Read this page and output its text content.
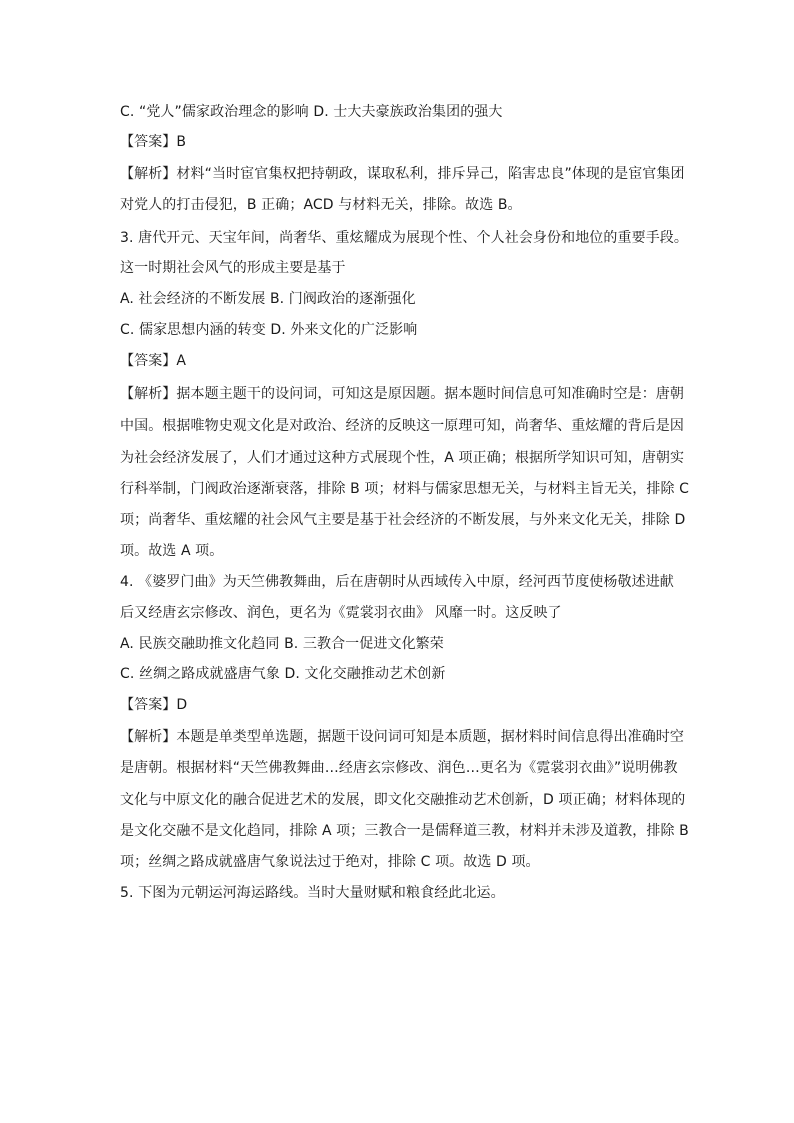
C. “党人”儒家政治理念的影响 D. 士大夫豪族政治集团的强大
【答案】B
【解析】材料“当时宦官集权把持朝政，谋取私利，排斥异己，陷害忠良”体现的是宦官集团
对党人的打击侵犯，B 正确；ACD 与材料无关，排除。故选 B。
3. 唐代开元、天宝年间，尚奢华、重炫耀成为展现个性、个人社会身份和地位的重要手段。
这一时期社会风气的形成主要是基于
A. 社会经济的不断发展 B. 门阀政治的逐渐强化
C. 儒家思想内涵的转变 D. 外来文化的广泛影响
【答案】A
【解析】据本题主题干的设问词，可知这是原因题。据本题时间信息可知准确时空是：唐朝
中国。根据唯物史观文化是对政治、经济的反映这一原理可知，尚奢华、重炫耀的背后是因
为社会经济发展了，人们才通过这种方式展现个性，A 项正确；根据所学知识可知，唐朝实
行科举制，门阀政治逐渐衰落，排除 B 项；材料与儒家思想无关，与材料主旨无关，排除 C
项；尚奢华、重炫耀的社会风气主要是基于社会经济的不断发展，与外来文化无关，排除 D
项。故选 A 项。
4. 《婆罗门曲》为天竺佛教舞曲，后在唐朝时从西域传入中原，经河西节度使杨敬述进献
后又经唐玄宗修改、润色，更名为《霓裳羽衣曲》 风靡一时。这反映了
A. 民族交融助推文化趋同 B. 三教合一促进文化繁荣
C. 丝绸之路成就盛唐气象 D. 文化交融推动艺术创新
【答案】D
【解析】本题是单类型单选题，据题干设问词可知是本质题，据材料时间信息得出准确时空
是唐朝。根据材料“天竺佛教舞曲…经唐玄宗修改、润色…更名为《霓裳羽衣曲》”说明佛教
文化与中原文化的融合促进艺术的发展，即文化交融推动艺术创新，D 项正确；材料体现的
是文化交融不是文化趋同，排除 A 项；三教合一是儒释道三教，材料并未涉及道教，排除 B
项；丝绸之路成就盛唐气象说法过于绝对，排除 C 项。故选 D 项。
5. 下图为元朝运河海运路线。当时大量财赋和粮食经此北运。
